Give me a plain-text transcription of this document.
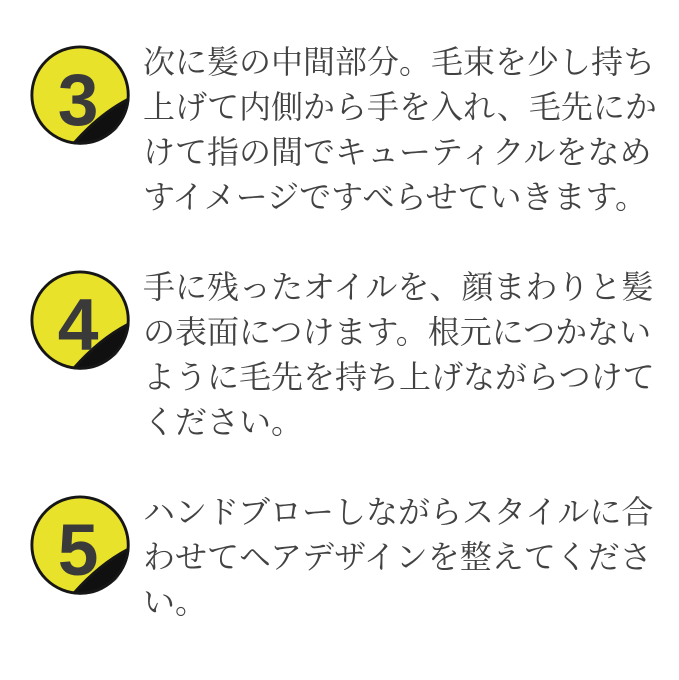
3 次に髪の中間部分。毛束を少し持ち上げて内側から手を入れ、毛先にかけて指の間でキューティクルをなめすイメージですべらせていきます。

4 手に残ったオイルを、顔まわりと髪の表面につけます。根元につかないように毛先を持ち上げながらつけてください。

5 ハンドブローしながらスタイルに合わせてヘアデザインを整えてください。
